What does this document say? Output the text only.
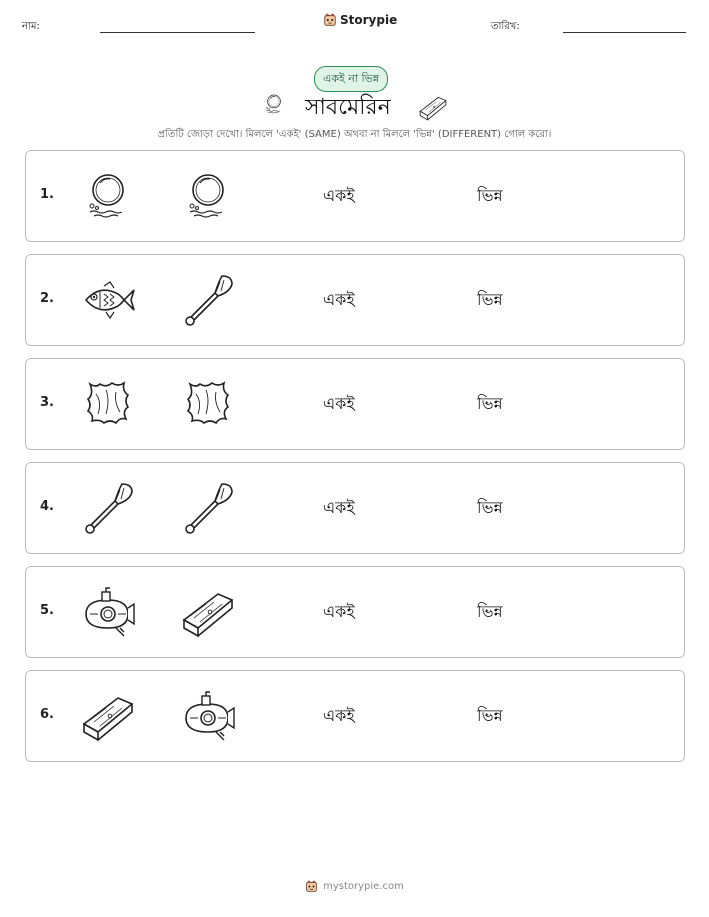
নাম:	Storypie	তারিখ:
একই না ভিন্ন
সাবমেরিন
প্রতিটি জোড়া দেখো। মিললে 'একই' (SAME) অথবা না মিললে 'ভিন্ন' (DIFFERENT) গোল করো।
1.	একই	ভিন্ন
2.	একই	ভিন্ন
3.	একই	ভিন্ন
4.	একই	ভিন্ন
5.	একই	ভিন্ন
6.	একই	ভিন্ন
mystorypie.com
